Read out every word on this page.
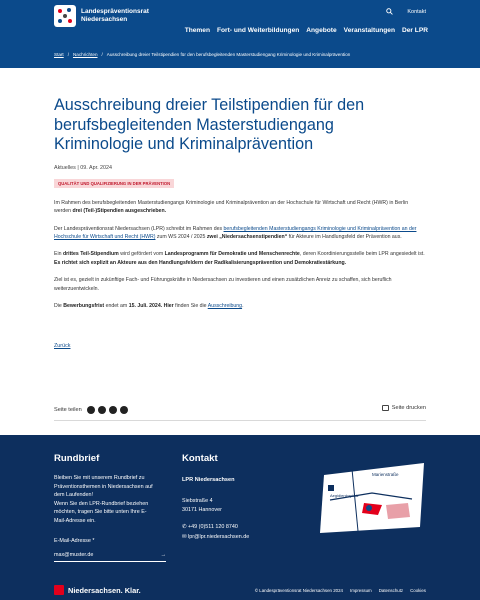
Landespräventionsrat
Niedersachsen
Kontakt
Themen Fort- und Weiterbildungen Angebote Veranstaltungen Der LPR
Start / Nachrichten / Ausschreibung dreier Teilstipendien für den berufsbegleitenden Masterstudiengang Kriminologie und Kriminalprävention
Ausschreibung dreier Teilstipendien für den berufsbegleitenden Masterstudiengang Kriminologie und Kriminalprävention
Aktuelles | 09. Apr. 2024
QUALITÄT UND QUALIFIZIERUNG IN DER PRÄVENTION

Im Rahmen des berufsbegleitenden Masterstudiengangs Kriminologie und Kriminalprävention an der Hochschule für Wirtschaft und Recht (HWR) in Berlin werden drei (Teil-)Stipendien ausgeschrieben.

Der Landespräventionsrat Niedersachsen (LPR) schreibt im Rahmen des berufsbegleitenden Masterstudiengangs Kriminologie und Kriminalprävention an der Hochschule für Wirtschaft und Recht (HWR) zum WS 2024 / 2025 zwei „Niedersachsenstipendien“ für Akteure im Handlungsfeld der Prävention aus.

Ein drittes Teil-Stipendium wird gefördert vom Landesprogramm für Demokratie und Menschenrechte, deren Koordinierungsstelle beim LPR angesiedelt ist. Es richtet sich explizit an Akteure aus den Handlungsfeldern der Radikalisierungsprävention und Demokratiestärkung.

Ziel ist es, gezielt in zukünftige Fach- und Führungskräfte in Niedersachsen zu investieren und einen zusätzlichen Anreiz zu schaffen, sich beruflich weiterzuentwickeln.

Die Bewerbungsfrist endet am 15. Juli. 2024. Hier finden Sie die Ausschreibung.

Zurück
Seite teilen	Seite drucken
Rundbrief
Bleiben Sie mit unserem Rundbrief zu Präventionsthemen in Niedersachsen auf dem Laufenden!
Wenn Sie den LPR-Rundbrief beziehen möchten, tragen Sie bitte unten Ihre E-Mail-Adresse ein.
E-Mail-Adresse *
max@muster.de	→
Kontakt
LPR Niedersachsen
Siebstraße 4
30171 Hannover
✆ +49 (0)511 120 8740
✉ lpr@lpr.niedersachsen.de
Marienstraße
Aegidientorplatz
Niedersachsen. Klar.	© Landespräventionsrat Niedersachsen 2024 Impressum Datenschutz Cookies
